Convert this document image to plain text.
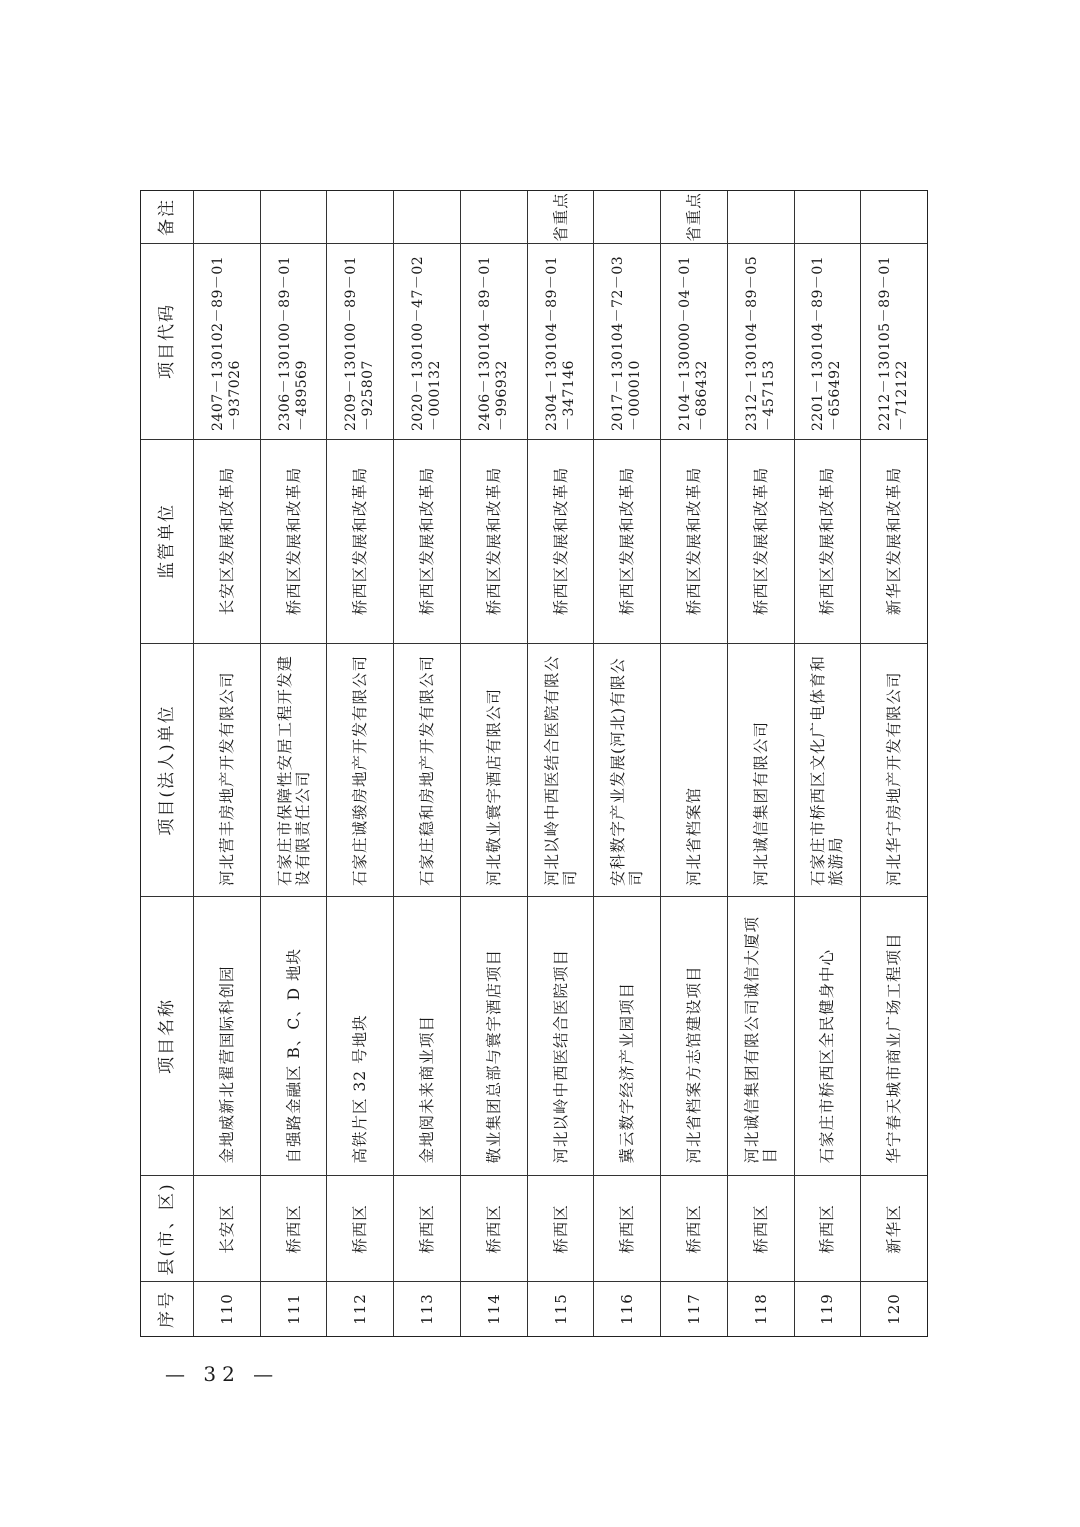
备注
项目代码
监管单位
项目(法人)单位
项目名称
县(市、区)
序号
2407－130102－89－01－937026
长安区发展和改革局
河北营丰房地产开发有限公司
金地威新北翟营国际科创园
长安区
110
2306－130100－89－01－489569
桥西区发展和改革局
石家庄市保障性安居工程开发建设有限责任公司
自强路金融区 B、C、D 地块
桥西区
111
2209－130100－89－01－925807
桥西区发展和改革局
石家庄诚骏房地产开发有限公司
高铁片区 32 号地块
桥西区
112
2020－130100－47－02－000132
桥西区发展和改革局
石家庄稳和房地产开发有限公司
金地阅未来商业项目
桥西区
113
2406－130104－89－01－996932
桥西区发展和改革局
河北敬业寰宇酒店有限公司
敬业集团总部与寰宇酒店项目
桥西区
114
省重点
2304－130104－89－01－347146
桥西区发展和改革局
河北以岭中西医结合医院有限公司
河北以岭中西医结合医院项目
桥西区
115
2017－130104－72－03－000010
桥西区发展和改革局
安科数字产业发展(河北)有限公司
冀云数字经济产业园项目
桥西区
116
省重点
2104－130000－04－01－686432
桥西区发展和改革局
河北省档案馆
河北省档案方志馆建设项目
桥西区
117
2312－130104－89－05－457153
桥西区发展和改革局
河北诚信集团有限公司
河北诚信集团有限公司诚信大厦项目
桥西区
118
2201－130104－89－01－656492
桥西区发展和改革局
石家庄市桥西区文化广电体育和旅游局
石家庄市桥西区全民健身中心
桥西区
119
2212－130105－89－01－712122
新华区发展和改革局
河北华宁房地产开发有限公司
华宁春天城市商业广场工程项目
新华区
120
— 32 —
